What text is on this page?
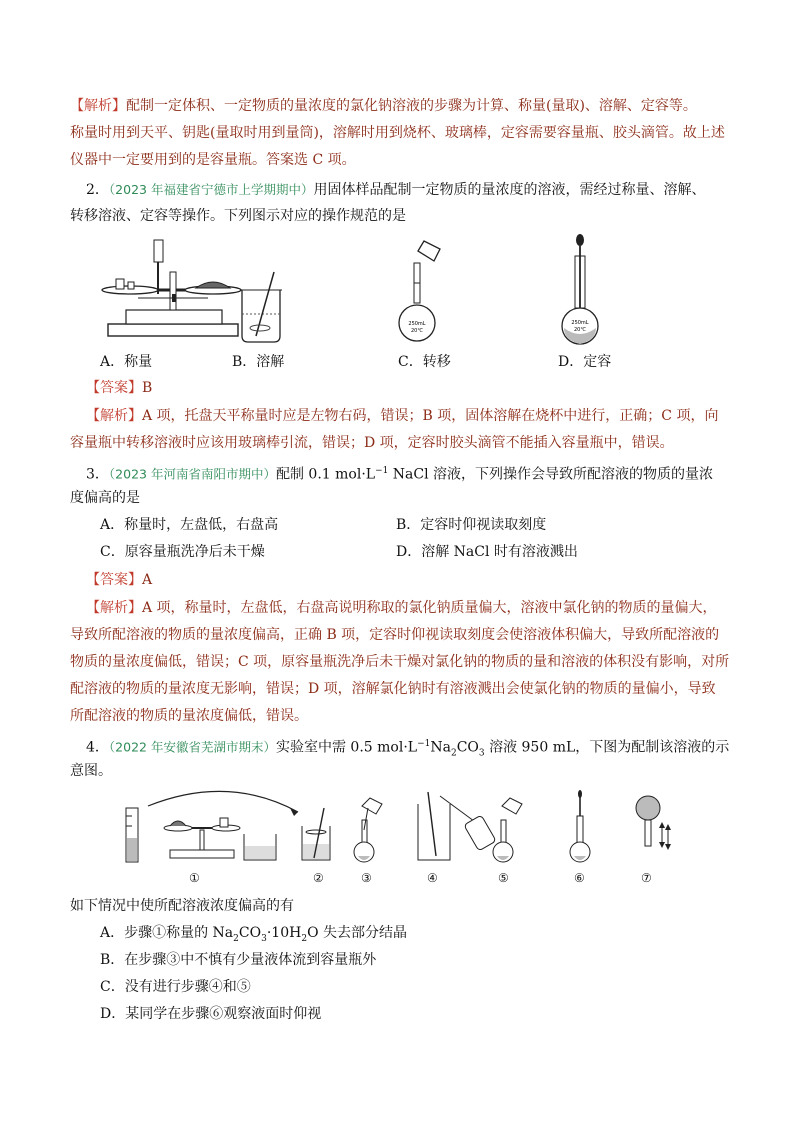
【解析】配制一定体积、一定物质的量浓度的氯化钠溶液的步骤为计算、称量(量取)、溶解、定容等。
称量时用到天平、钥匙(量取时用到量筒)，溶解时用到烧杯、玻璃棒，定容需要容量瓶、胶头滴管。故上述
仪器中一定要用到的是容量瓶。答案选 C 项。
2．（2023 年福建省宁德市上学期期中）用固体样品配制一定物质的量浓度的溶液，需经过称量、溶解、
转移溶液、定容等操作。下列图示对应的操作规范的是
250mL
20℃
250mL
20℃
A．称量	B．溶解	C．转移	D．定容
【答案】B
【解析】A 项，托盘天平称量时应是左物右码，错误；B 项，固体溶解在烧杯中进行，正确；C 项，向
容量瓶中转移溶液时应该用玻璃棒引流，错误；D 项，定容时胶头滴管不能插入容量瓶中，错误。
3．（2023 年河南省南阳市期中）配制 0.1 $mol\cdot L^{-1}$ NaCl 溶液，下列操作会导致所配溶液的物质的量浓
度偏高的是
A．称量时，左盘低，右盘高	B．定容时仰视读取刻度
C．原容量瓶洗净后未干燥	D．溶解 NaCl 时有溶液溅出
【答案】A
【解析】A 项，称量时，左盘低，右盘高说明称取的氯化钠质量偏大，溶液中氯化钠的物质的量偏大，
导致所配溶液的物质的量浓度偏高，正确 B 项，定容时仰视读取刻度会使溶液体积偏大，导致所配溶液的
物质的量浓度偏低，错误；C 项，原容量瓶洗净后未干燥对氯化钠的物质的量和溶液的体积没有影响，对所
配溶液的物质的量浓度无影响，错误；D 项，溶解氯化钠时有溶液溅出会使氯化钠的物质的量偏小，导致
所配溶液的物质的量浓度偏低，错误。
4．（2022 年安徽省芜湖市期末）实验室中需 0.5 $mol\cdot L^{-1}Na_2CO_3$ 溶液 950 mL，下图为配制该溶液的示
意图。
①	②	③	④	⑤	⑥	⑦
如下情况中使所配溶液浓度偏高的有
A．步骤①称量的 $Na_2CO_3\cdot 10H_2O$ 失去部分结晶
B．在步骤③中不慎有少量液体流到容量瓶外
C．没有进行步骤④和⑤
D．某同学在步骤⑥观察液面时仰视
